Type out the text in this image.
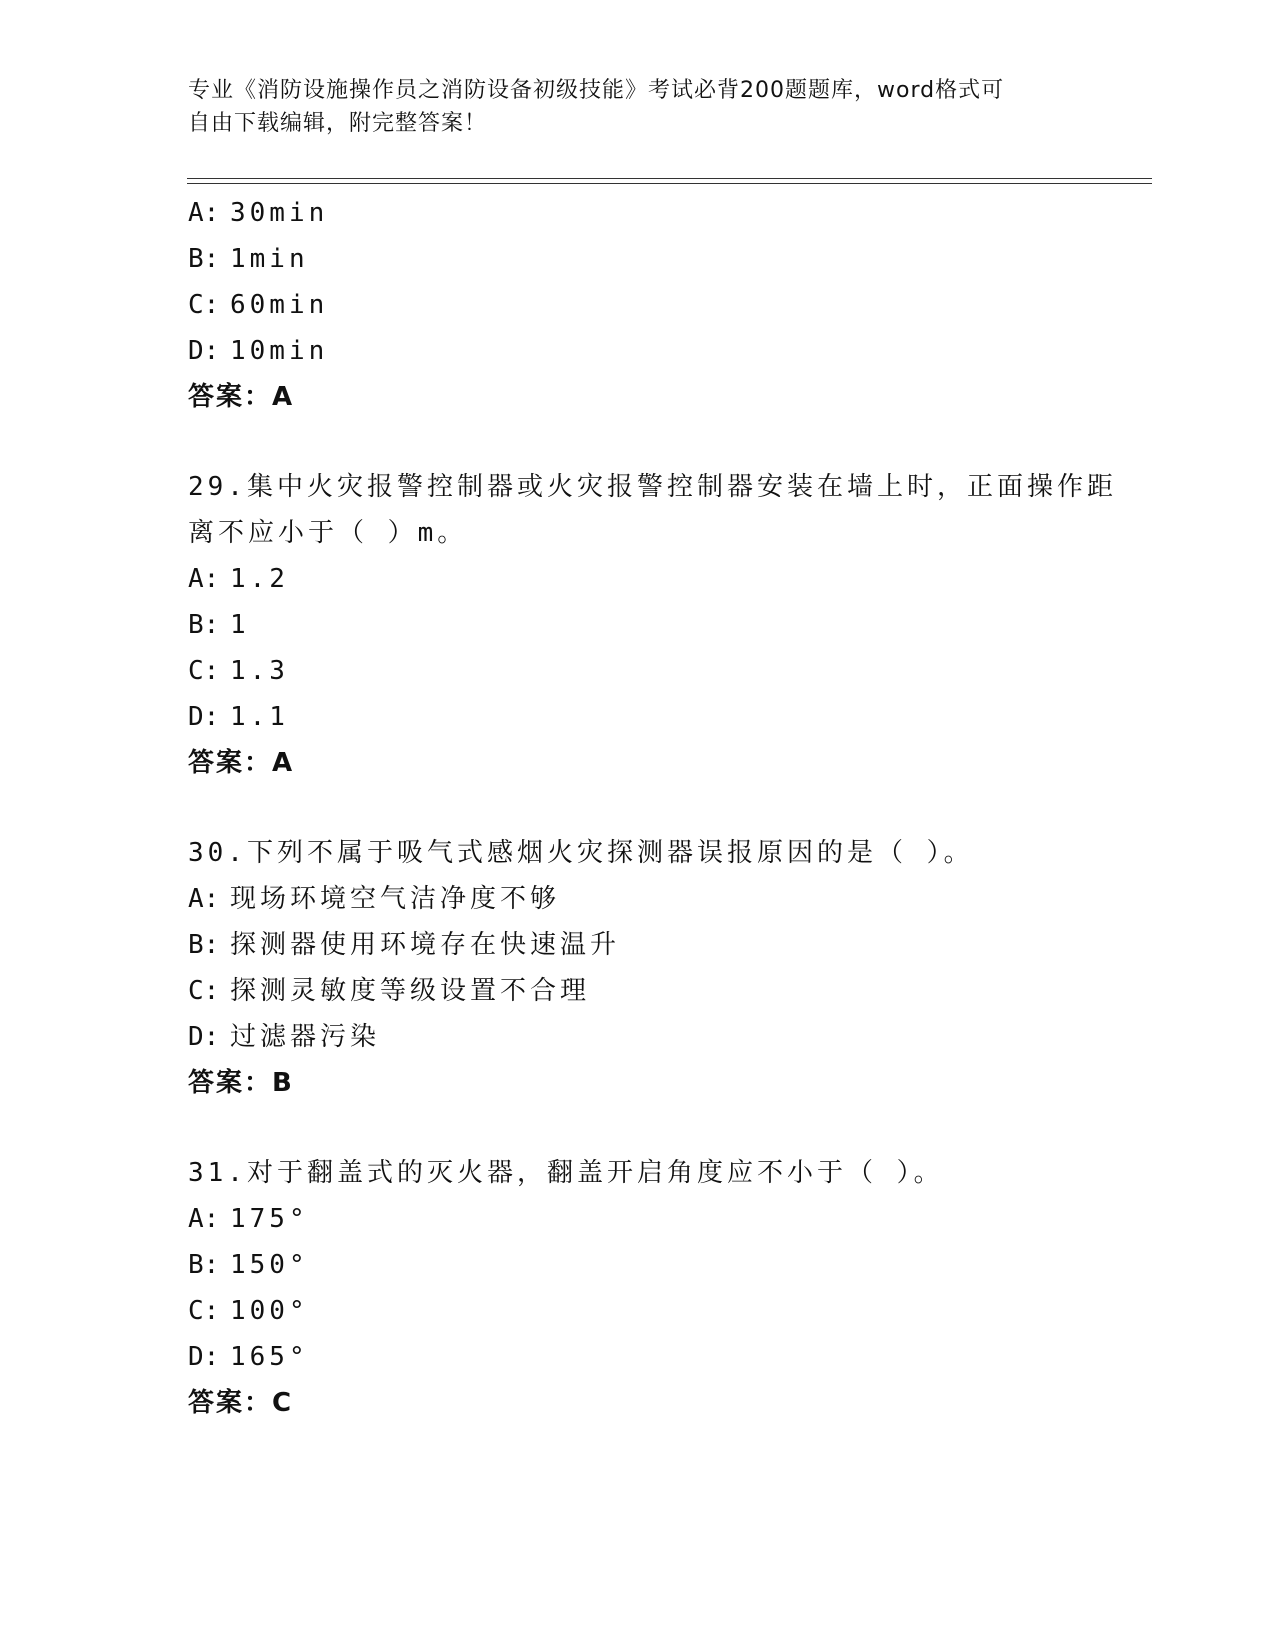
专业《消防设施操作员之消防设备初级技能》考试必背200题题库，word格式可
自由下载编辑，附完整答案！
A: 30min
B: 1min
C: 60min
D: 10min
答案：A
29.集中火灾报警控制器或火灾报警控制器安装在墙上时，正面操作距
离不应小于（ ）m。
A: 1.2
B: 1
C: 1.3
D: 1.1
答案：A
30.下列不属于吸气式感烟火灾探测器误报原因的是（ ）。
A: 现场环境空气洁净度不够
B: 探测器使用环境存在快速温升
C: 探测灵敏度等级设置不合理
D: 过滤器污染
答案：B
31.对于翻盖式的灭火器，翻盖开启角度应不小于（ ）。
A: 175°
B: 150°
C: 100°
D: 165°
答案：C
